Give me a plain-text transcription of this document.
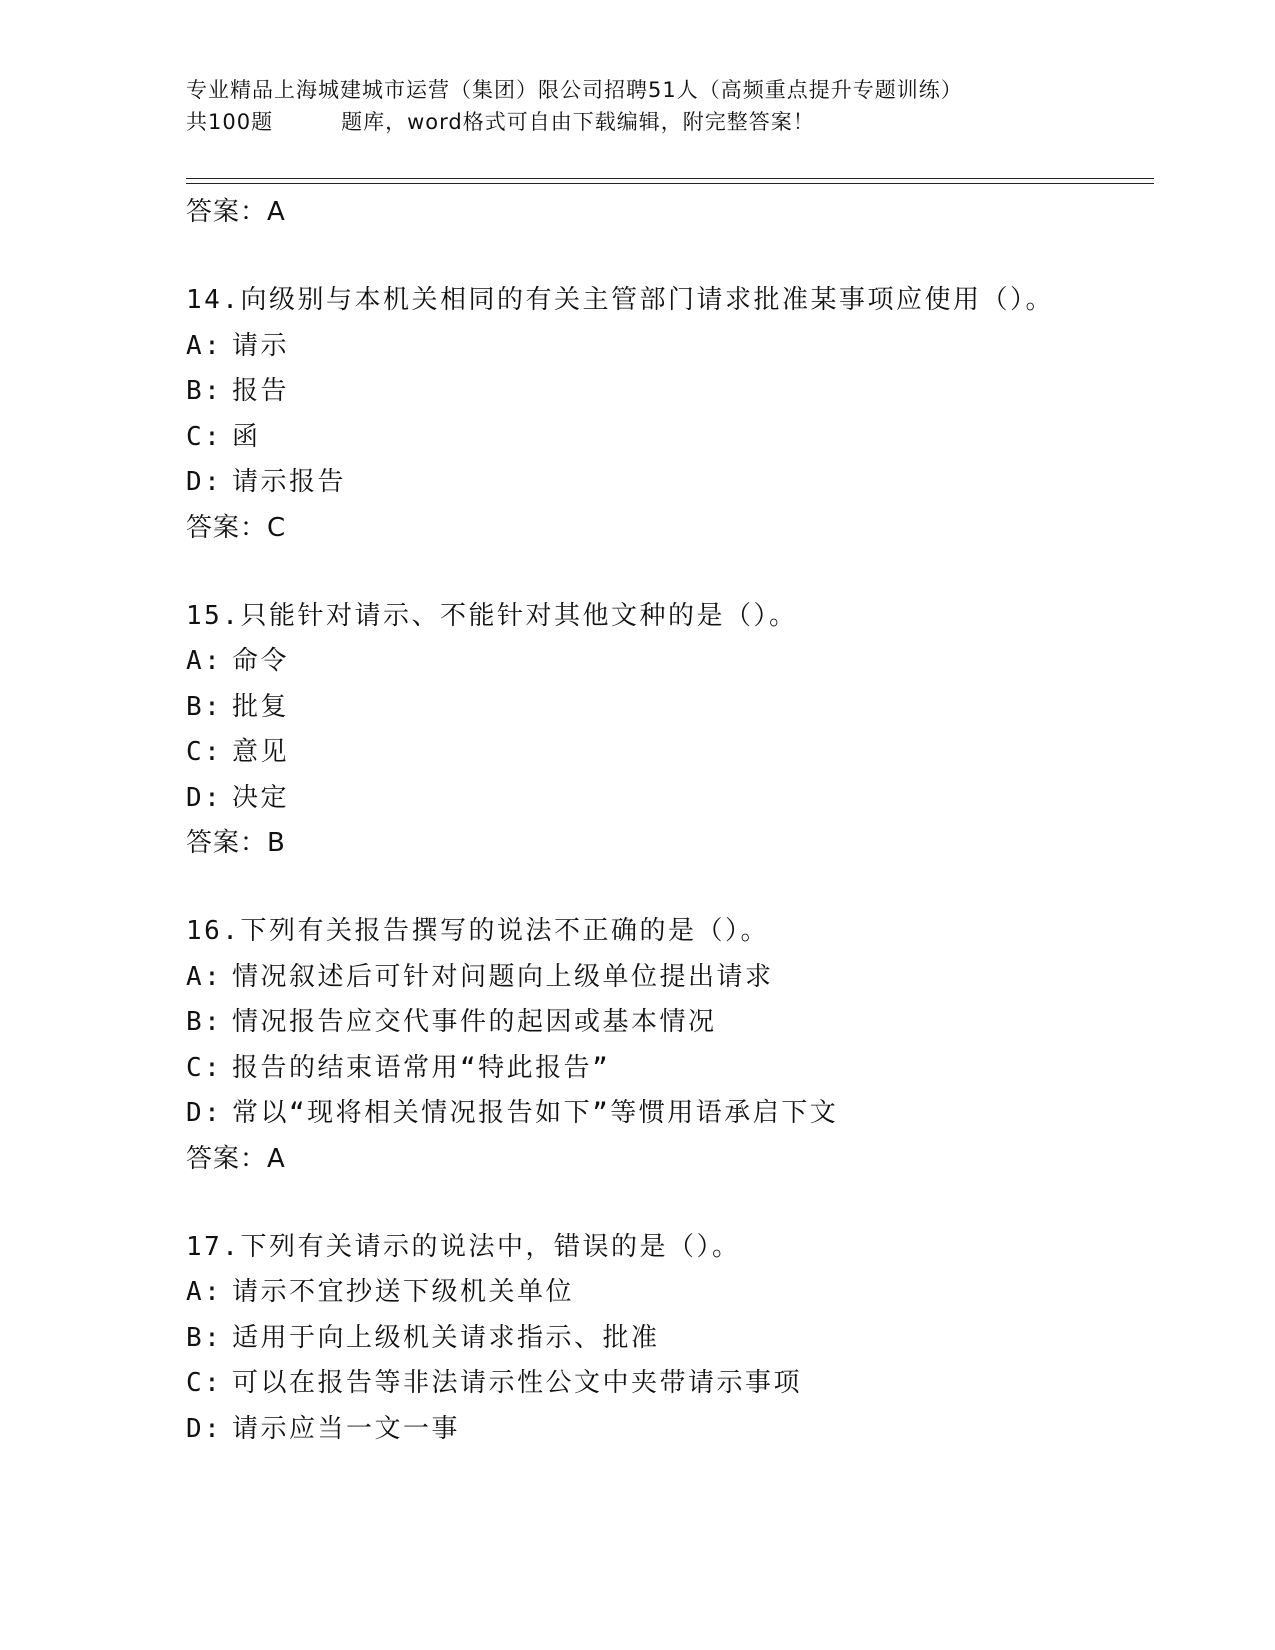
专业精品上海城建城市运营（集团）限公司招聘51人（高频重点提升专题训练）
共100题	题库，word格式可自由下载编辑，附完整答案！
答案：A
14.向级别与本机关相同的有关主管部门请求批准某事项应使用（）。
A: 请示
B: 报告
C: 函
D: 请示报告
答案：C
15.只能针对请示、不能针对其他文种的是（）。
A: 命令
B: 批复
C: 意见
D: 决定
答案：B
16.下列有关报告撰写的说法不正确的是（）。
A: 情况叙述后可针对问题向上级单位提出请求
B: 情况报告应交代事件的起因或基本情况
C: 报告的结束语常用“特此报告”
D: 常以“现将相关情况报告如下”等惯用语承启下文
答案：A
17.下列有关请示的说法中，错误的是（）。
A: 请示不宜抄送下级机关单位
B: 适用于向上级机关请求指示、批准
C: 可以在报告等非法请示性公文中夹带请示事项
D: 请示应当一文一事
